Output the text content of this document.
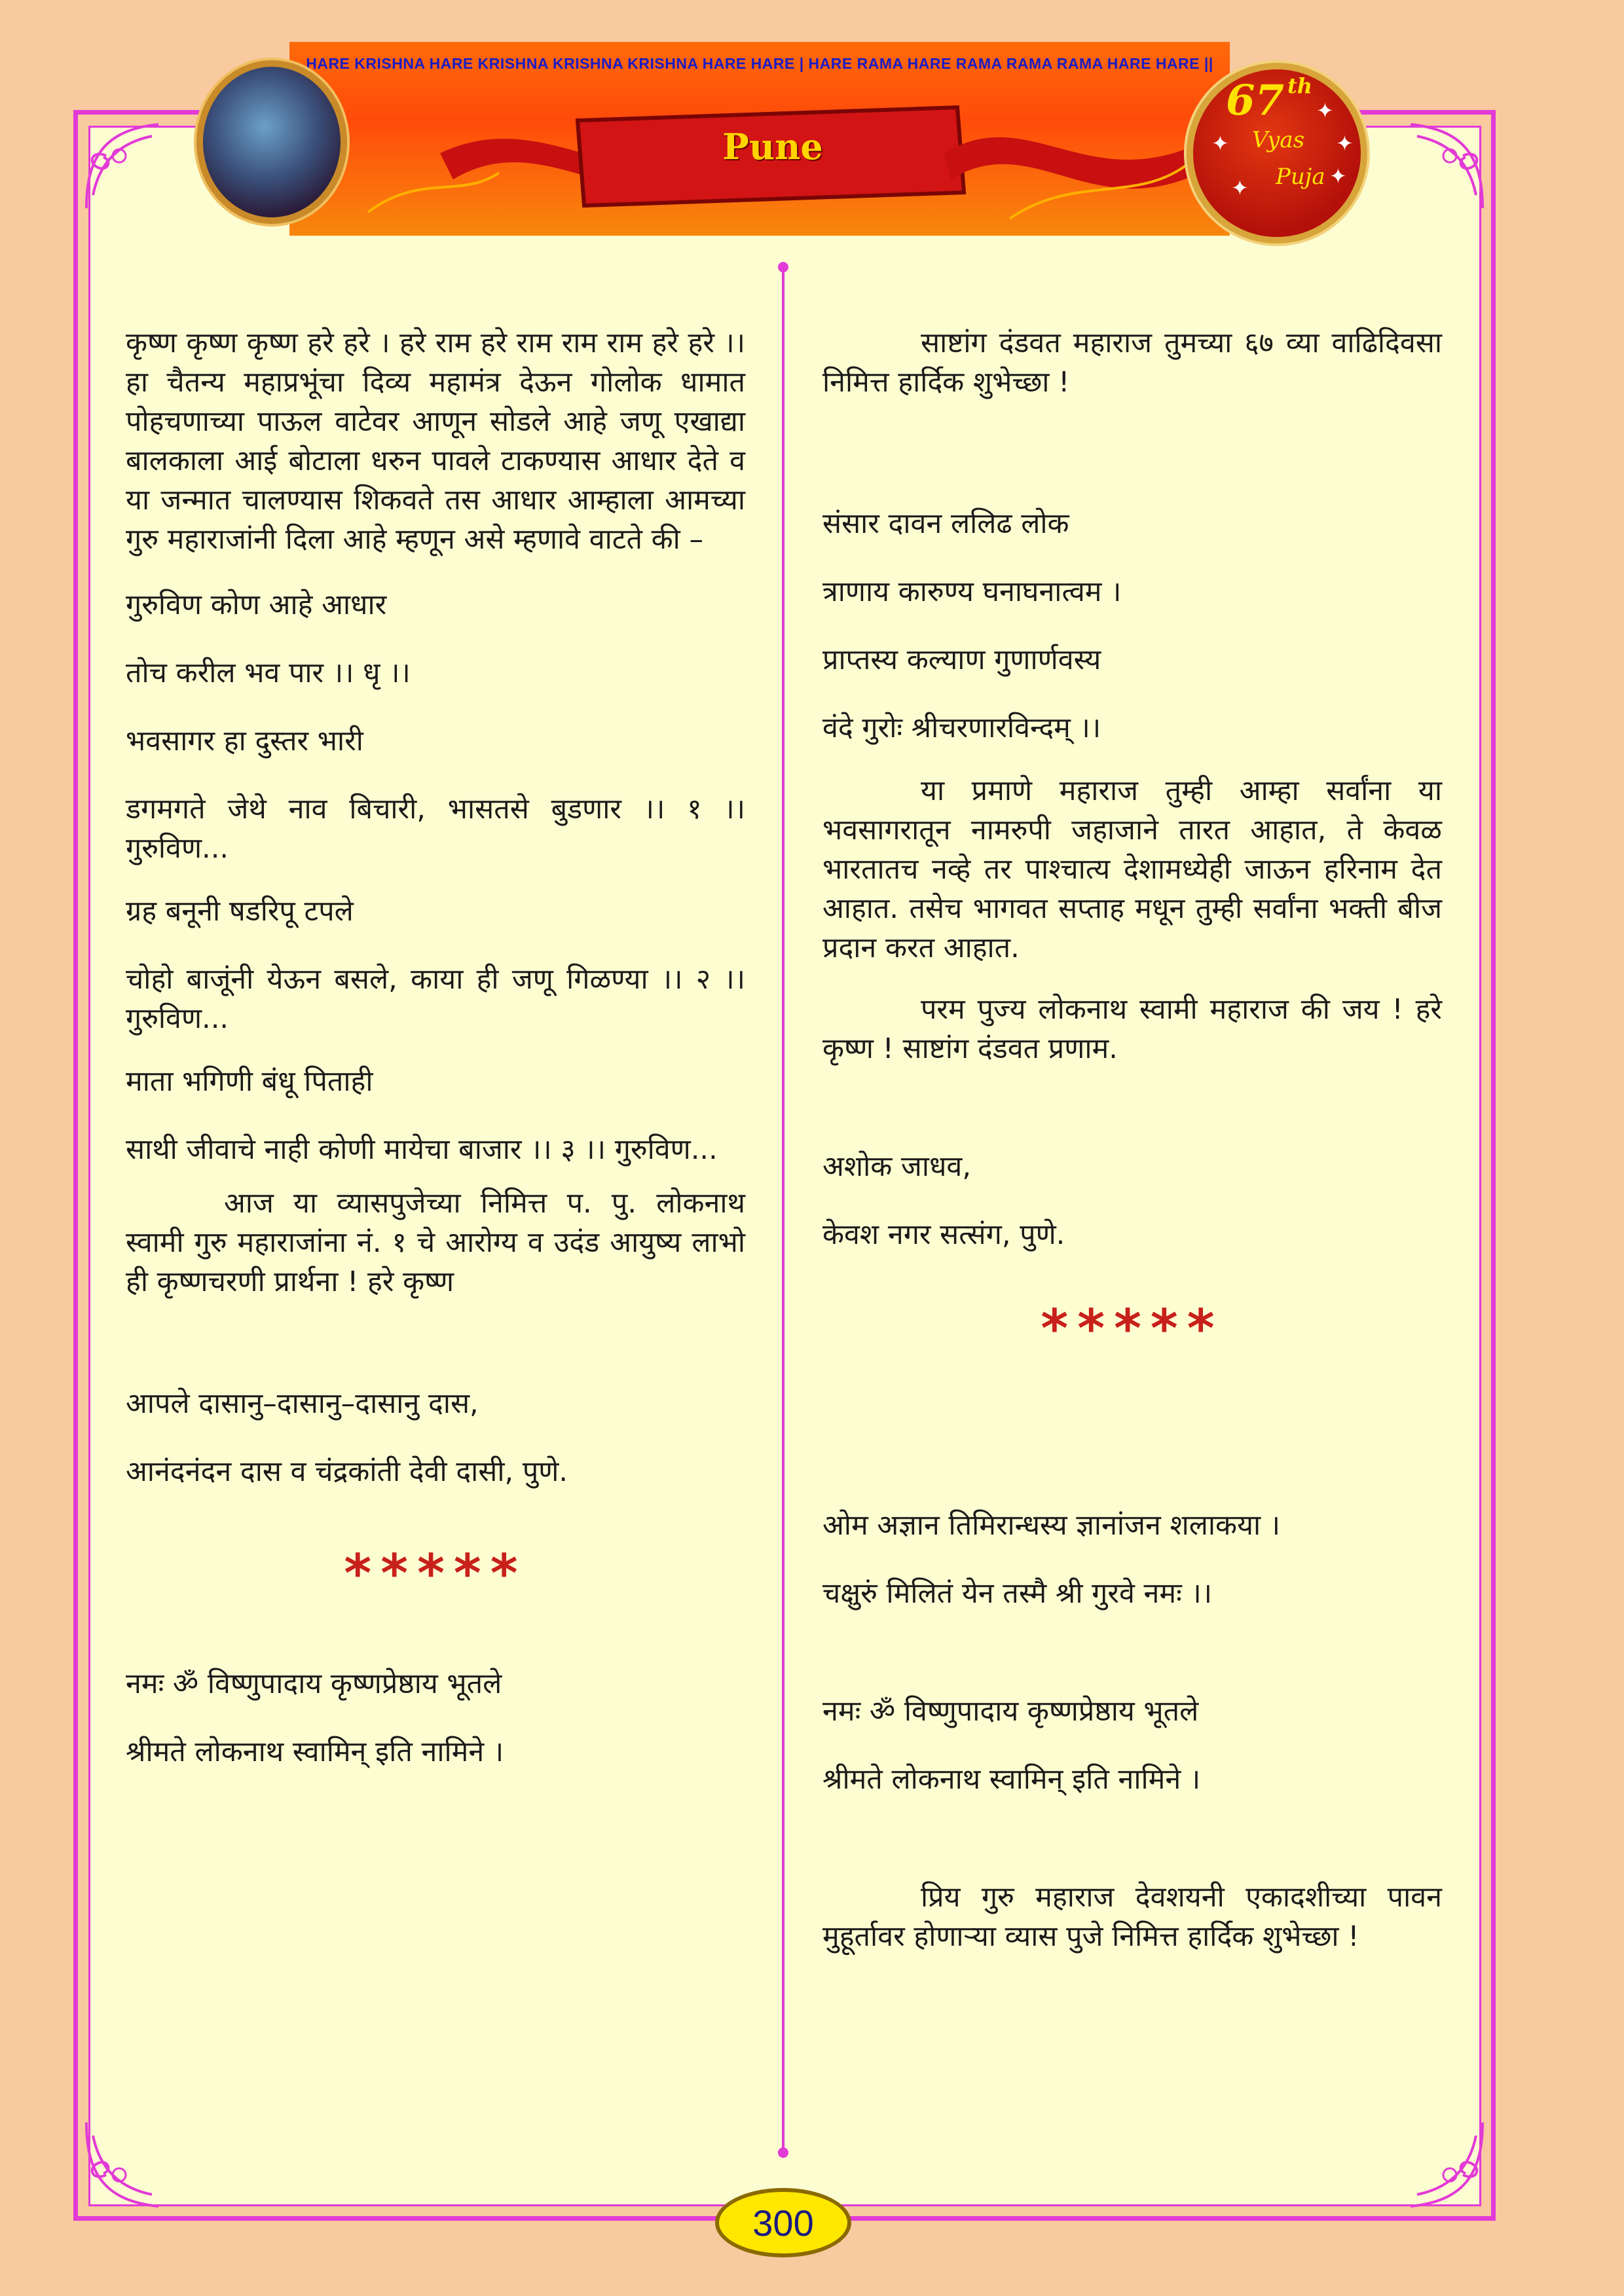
HARE KRISHNA HARE KRISHNA KRISHNA KRISHNA HARE HARE | HARE RAMA HARE RAMA RAMA RAMA HARE HARE ||
Pune
67 th
Vyas
Puja
✦
✦
✦
✦	✦

कृष्ण कृष्ण कृष्ण हरे हरे । हरे राम हरे राम राम राम हरे हरे ।। हा चैतन्य महाप्रभूंचा दिव्य महामंत्र देऊन गोलोक धामात पोहचणाच्या पाऊल वाटेवर आणून सोडले आहे जणू एखाद्या बालकाला आई बोटाला धरुन पावले टाकण्यास आधार देते व या जन्मात चालण्यास शिकवते तस आधार आम्हाला आमच्या गुरु महाराजांनी दिला आहे म्हणून असे म्हणावे वाटते की –

गुरुविण कोण आहे आधार

तोच करील भव पार ।। धृ ।।

भवसागर हा दुस्तर भारी

डगमगते जेथे नाव बिचारी, भासतसे बुडणार ।। १ ।। गुरुविण...

ग्रह बनूनी षडरिपू टपले

चोहो बाजूंनी येऊन बसले, काया ही जणू गिळण्या ।। २ ।। गुरुविण...

माता भगिणी बंधू पिताही

साथी जीवाचे नाही कोणी मायेचा बाजार ।। ३ ।। गुरुविण...

आज या व्यासपुजेच्या निमित्त प. पु. लोकनाथ स्वामी गुरु महाराजांना नं. १ चे आरोग्य व उदंड आयुष्य लाभो ही कृष्णचरणी प्रार्थना ! हरे कृष्ण

आपले दासानु–दासानु–दासानु दास,

आनंदनंदन दास व चंद्रकांती देवी दासी, पुणे.

*****

नमः ॐ विष्णुपादाय कृष्णप्रेष्ठाय भूतले

श्रीमते लोकनाथ स्वामिन् इति नामिने ।

साष्टांग दंडवत महाराज तुमच्या ६७ व्या वाढिदिवसा निमित्त हार्दिक शुभेच्छा !

संसार दावन ललिढ लोक

त्राणाय कारुण्य घनाघनात्वम ।

प्राप्तस्य कल्याण गुणार्णवस्य

वंदे गुरोः श्रीचरणारविन्दम् ।।

या प्रमाणे महाराज तुम्ही आम्हा सर्वांना या भवसागरातून नामरुपी जहाजाने तारत आहात, ते केवळ भारतातच नव्हे तर पाश्चात्य देशामध्येही जाऊन हरिनाम देत आहात. तसेच भागवत सप्ताह मधून तुम्ही सर्वांना भक्ती बीज प्रदान करत आहात.

परम पुज्य लोकनाथ स्वामी महाराज की जय ! हरे कृष्ण ! साष्टांग दंडवत प्रणाम.

अशोक जाधव,

केवश नगर सत्संग, पुणे.

*****

ओम अज्ञान तिमिरान्धस्य ज्ञानांजन शलाकया ।

चक्षुरुं मिलितं येन तस्मै श्री गुरवे नमः ।।

नमः ॐ विष्णुपादाय कृष्णप्रेष्ठाय भूतले

श्रीमते लोकनाथ स्वामिन् इति नामिने ।

प्रिय गुरु महाराज देवशयनी एकादशीच्या पावन मुहूर्तावर होणाऱ्या व्यास पुजे निमित्त हार्दिक शुभेच्छा !

300
